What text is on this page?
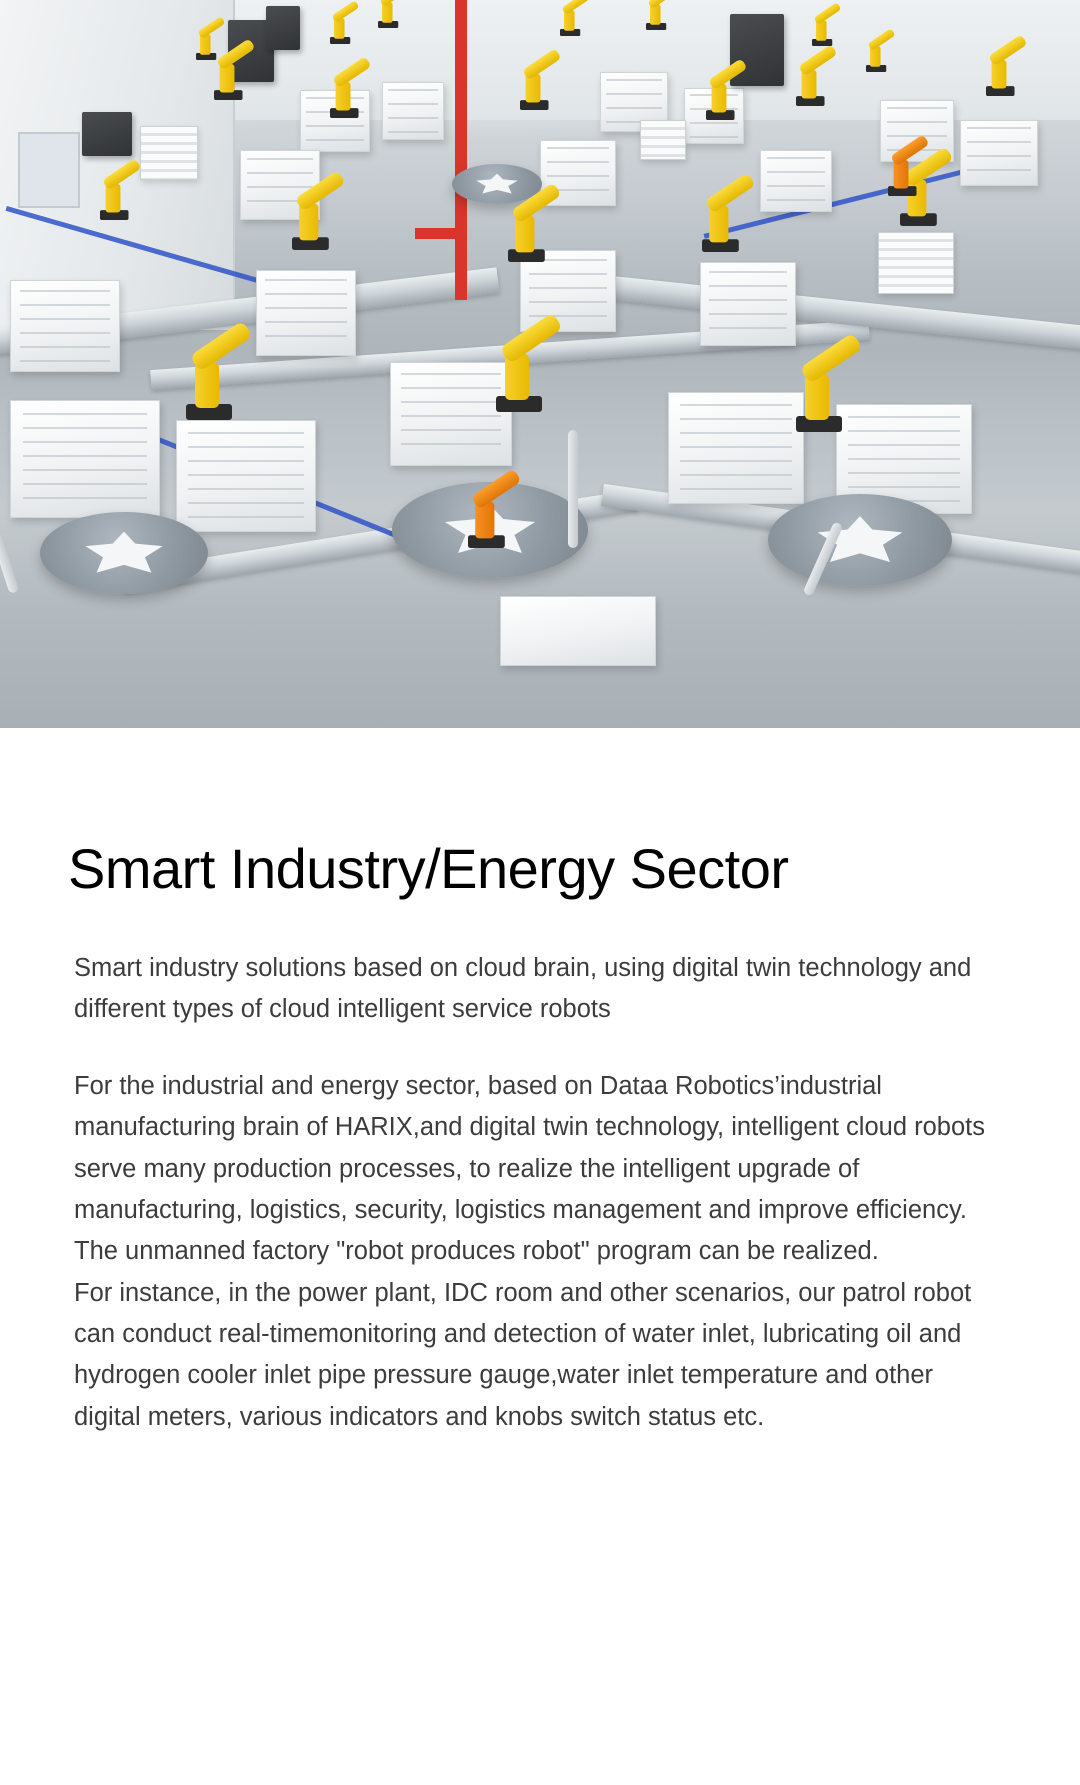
Smart Industry/Energy Sector

Smart industry solutions based on cloud brain, using digital twin technology and different types of cloud intelligent service robots

For the industrial and energy sector, based on Dataa Robotics’industrial manufacturing brain of HARIX,and digital twin technology, intelligent cloud robots serve many production processes, to realize the intelligent upgrade of manufacturing, logistics, security, logistics management and improve efficiency.

The unmanned factory "robot produces robot" program can be realized.

For instance, in the power plant, IDC room and other scenarios, our patrol robot can conduct real-timemonitoring and detection of water inlet, lubricating oil and hydrogen cooler inlet pipe pressure gauge,water inlet temperature and other digital meters, various indicators and knobs switch status etc.
